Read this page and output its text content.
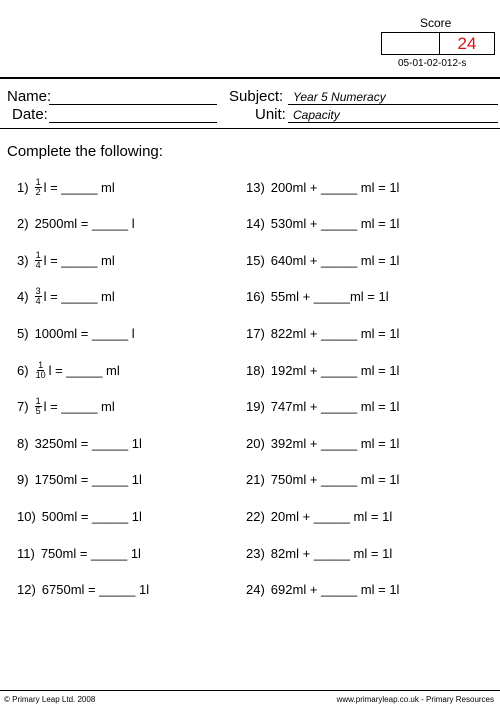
Score
24
05-01-02-012-s
Name:
Date:
Subject: Year 5 Numeracy
Unit: Capacity
Complete the following:
$1) \frac{1}{2}$ l = _____ ml
2) 2500ml = _____ l
$3) \frac{1}{4}$ l = _____ ml
$4) \frac{3}{4}$ l = _____ ml
5) 1000ml = _____ l
$6) \frac{1}{10}$ l = _____ ml
$7) \frac{1}{5}$ l = _____ ml
8) 3250ml = _____ 1l
9) 1750ml = _____ 1l
10) 500ml = _____ 1l
11) 750ml = _____ 1l
12) 6750ml = _____ 1l
13) 200ml + _____ ml = 1l
14) 530ml + _____ ml = 1l
15) 640ml + _____ ml = 1l
16) 55ml + _____ml = 1l
17) 822ml + _____ ml = 1l
18) 192ml + _____ ml = 1l
19) 747ml + _____ ml = 1l
20) 392ml + _____ ml = 1l
21) 750ml + _____ ml = 1l
22) 20ml + _____ ml = 1l
23) 82ml + _____ ml = 1l
24) 692ml + _____ ml = 1l
© Primary Leap Ltd. 2008	www.primaryleap.co.uk - Primary Resources
